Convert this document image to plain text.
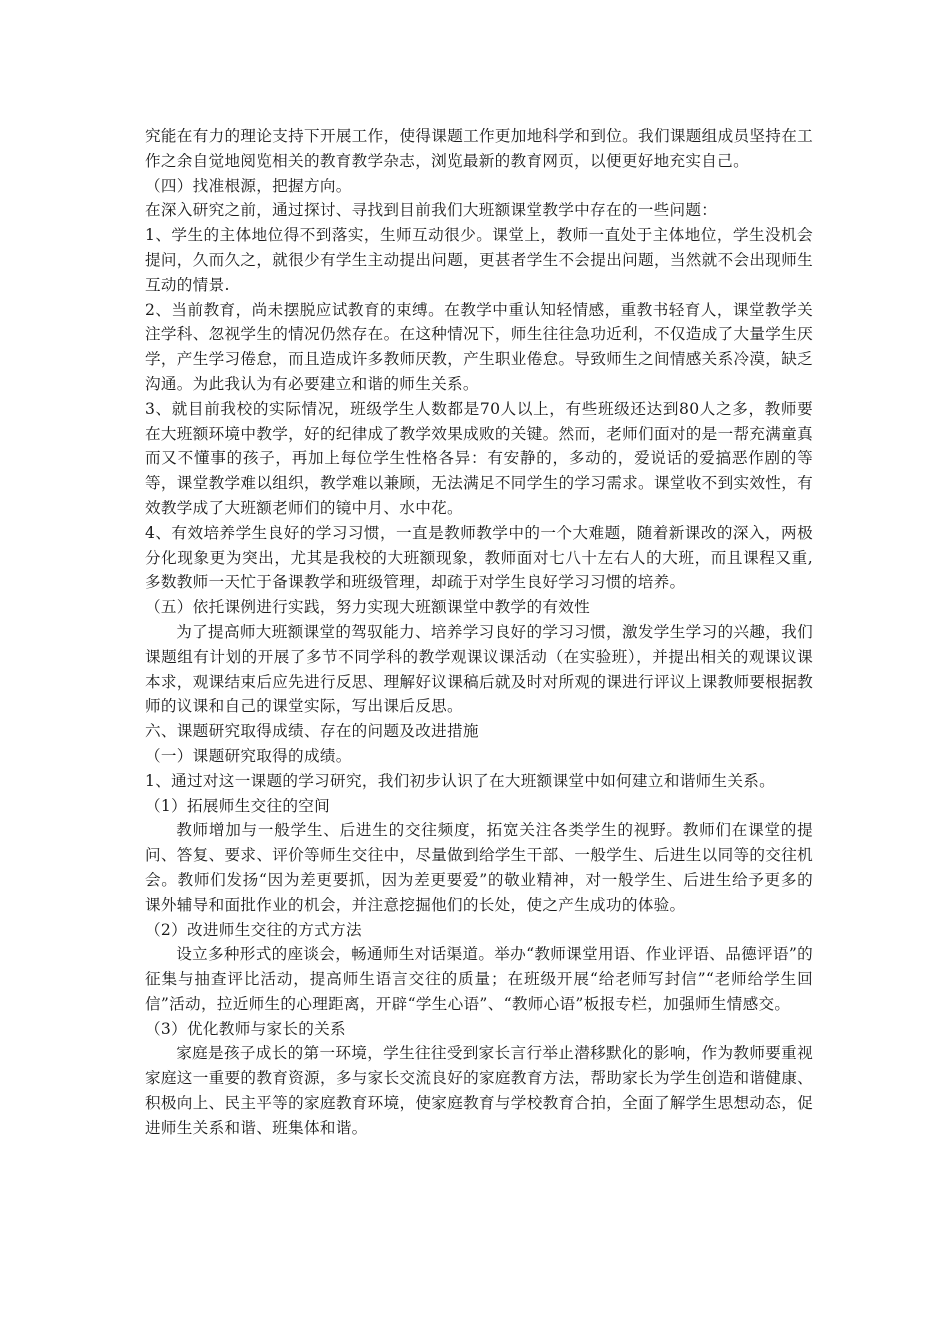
究能在有力的理论支持下开展工作，使得课题工作更加地科学和到位。我们课题组成员坚持在工作之余自觉地阅览相关的教育教学杂志，浏览最新的教育网页，以便更好地充实自己。

（四）找准根源，把握方向。

在深入研究之前，通过探讨、寻找到目前我们大班额课堂教学中存在的一些问题：

1、学生的主体地位得不到落实，生师互动很少。课堂上，教师一直处于主体地位，学生没机会提问，久而久之，就很少有学生主动提出问题，更甚者学生不会提出问题，当然就不会出现师生互动的情景.

2、当前教育，尚未摆脱应试教育的束缚。在教学中重认知轻情感，重教书轻育人，课堂教学关注学科、忽视学生的情况仍然存在。在这种情况下，师生往往急功近利，不仅造成了大量学生厌学，产生学习倦怠，而且造成许多教师厌教，产生职业倦怠。导致师生之间情感关系冷漠，缺乏沟通。为此我认为有必要建立和谐的师生关系。

3、就目前我校的实际情况，班级学生人数都是70人以上，有些班级还达到80人之多，教师要在大班额环境中教学，好的纪律成了教学效果成败的关键。然而，老师们面对的是一帮充满童真而又不懂事的孩子，再加上每位学生性格各异：有安静的，多动的，爱说话的爱搞恶作剧的等等，课堂教学难以组织，教学难以兼顾，无法满足不同学生的学习需求。课堂收不到实效性，有效教学成了大班额老师们的镜中月、水中花。

4、有效培养学生良好的学习习惯，一直是教师教学中的一个大难题，随着新课改的深入，两极分化现象更为突出，尤其是我校的大班额现象，教师面对七八十左右人的大班，而且课程又重,多数教师一天忙于备课教学和班级管理，却疏于对学生良好学习习惯的培养。

（五）依托课例进行实践，努力实现大班额课堂中教学的有效性

为了提高师大班额课堂的驾驭能力、培养学习良好的学习习惯，激发学生学习的兴趣，我们课题组有计划的开展了多节不同学科的教学观课议课活动（在实验班），并提出相关的观课议课本求，观课结束后应先进行反思、理解好议课稿后就及时对所观的课进行评议上课教师要根据教师的议课和自己的课堂实际，写出课后反思。

六、课题研究取得成绩、存在的问题及改进措施

（一）课题研究取得的成绩。

1、通过对这一课题的学习研究，我们初步认识了在大班额课堂中如何建立和谐师生关系。

（1）拓展师生交往的空间

教师增加与一般学生、后进生的交往频度，拓宽关注各类学生的视野。教师们在课堂的提问、答复、要求、评价等师生交往中，尽量做到给学生干部、一般学生、后进生以同等的交往机会。教师们发扬“因为差更要抓，因为差更要爱”的敬业精神，对一般学生、后进生给予更多的课外辅导和面批作业的机会，并注意挖掘他们的长处，使之产生成功的体验。

（2）改进师生交往的方式方法

设立多种形式的座谈会，畅通师生对话渠道。举办“教师课堂用语、作业评语、品德评语”的征集与抽查评比活动，提高师生语言交往的质量；在班级开展“给老师写封信”“老师给学生回信”活动，拉近师生的心理距离，开辟“学生心语”、“教师心语”板报专栏，加强师生情感交。

（3）优化教师与家长的关系

家庭是孩子成长的第一环境，学生往往受到家长言行举止潜移默化的影响，作为教师要重视家庭这一重要的教育资源，多与家长交流良好的家庭教育方法，帮助家长为学生创造和谐健康、积极向上、民主平等的家庭教育环境，使家庭教育与学校教育合拍，全面了解学生思想动态，促进师生关系和谐、班集体和谐。
